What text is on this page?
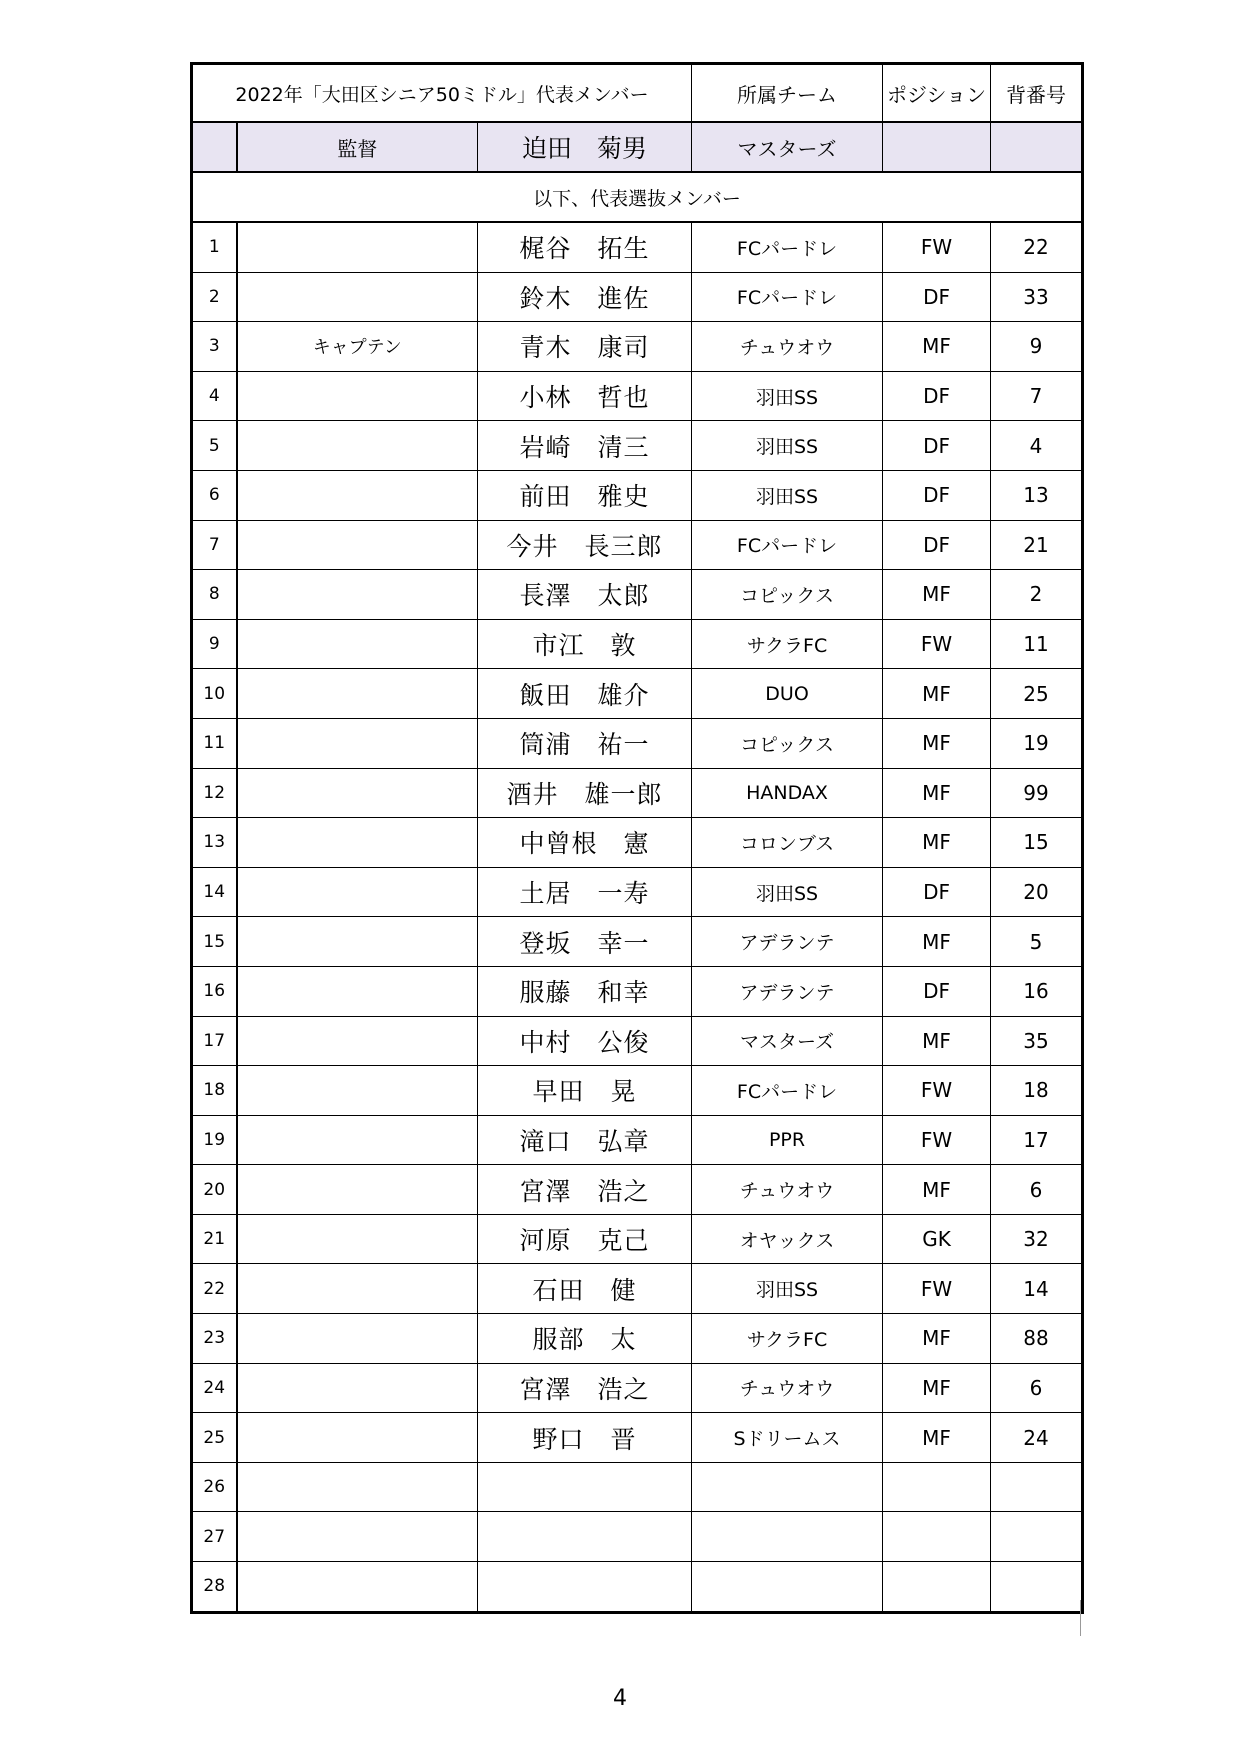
2022年「大田区シニア50ミドル」代表メンバー			所属チーム	ポジション	背番号
	監督	迫田　菊男	マスターズ		
以下、代表選抜メンバー					
1		梶谷　拓生	FCパードレ	FW	22
2		鈴木　進佐	FCパードレ	DF	33
3	キャプテン	青木　康司	チュウオウ	MF	9
4		小林　哲也	羽田SS	DF	7
5		岩崎　清三	羽田SS	DF	4
6		前田　雅史	羽田SS	DF	13
7		今井　長三郎	FCパードレ	DF	21
8		長澤　太郎	コピックス	MF	2
9		市江　敦	サクラFC	FW	11
10		飯田　雄介	DUO	MF	25
11		筒浦　祐一	コピックス	MF	19
12		酒井　雄一郎	HANDAX	MF	99
13		中曾根　憲	コロンブス	MF	15
14		土居　一寿	羽田SS	DF	20
15		登坂　幸一	アデランテ	MF	5
16		服藤　和幸	アデランテ	DF	16
17		中村　公俊	マスターズ	MF	35
18		早田　晃	FCパードレ	FW	18
19		滝口　弘章	PPR	FW	17
20		宮澤　浩之	チュウオウ	MF	6
21		河原　克己	オヤックス	GK	32
22		石田　健	羽田SS	FW	14
23		服部　太	サクラFC	MF	88
24		宮澤　浩之	チュウオウ	MF	6
25		野口　晋	Sドリームス	MF	24
26					
27					
28					
4
